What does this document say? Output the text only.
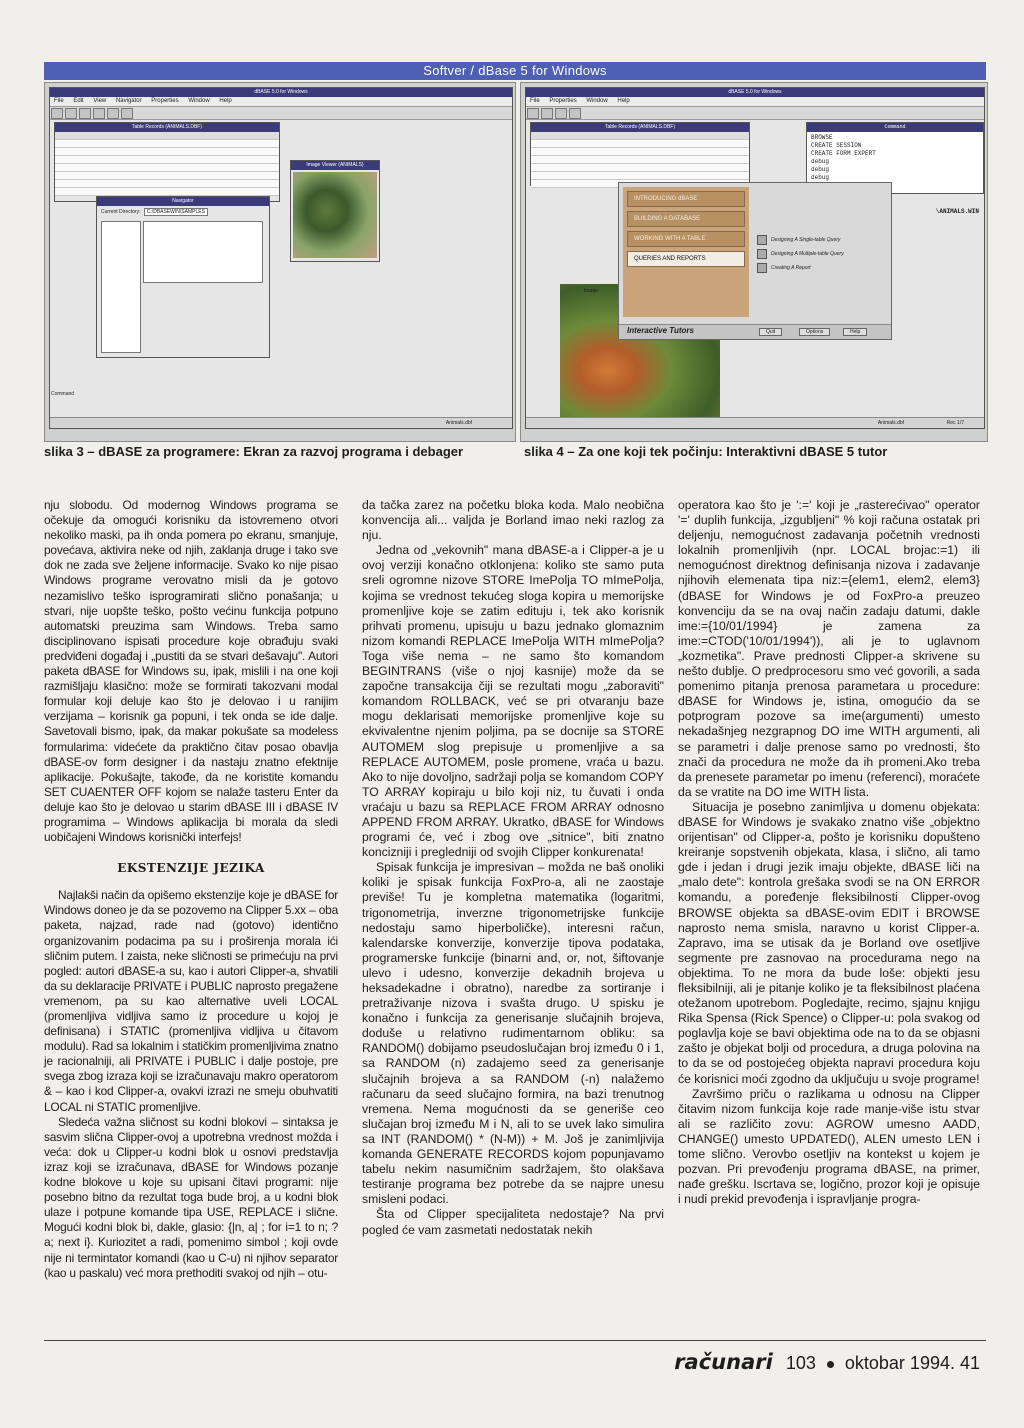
Softver / dBase 5 for Windows
dBASE 5.0 for Windows
File Edit View Navigator Properties Window Help
Table Records (ANIMALS.DBF)
Image Viewer (ANIMALS)
Navigator
Current Directory: C:\DBASEWIN\SAMPLES
Animals.dbf
Command
dBASE 5.0 for Windows
File Properties Window Help
Table Records (ANIMALS.DBF)	Command
BROWSE
CREATE SESSION
CREATE FORM EXPERT
debug
debug
debug
\ANIMALS.WIN
Image
INTRODUCING dBASE
BUILDING A DATABASE
WORKING WITH A TABLE
QUERIES AND REPORTS
Designing A Single-table Query
Designing A Multiple-table Query
Creating A Report
Interactive Tutors	Quit	Options	Help
Animals.dbf	Rec 1/7
slika 3 – dBASE za programere: Ekran za razvoj programa i debager	slika 4 – Za one koji tek počinju: Interaktivni dBASE 5 tutor

nju slobodu. Od modernog Windows programa se očekuje da omogući korisniku da istovremeno otvori nekoliko maski, pa ih onda pomera po ekranu, smanjuje, povećava, aktivira neke od njih, zaklanja druge i tako sve dok ne zada sve željene informacije. Svako ko nije pisao Windows programe verovatno misli da je gotovo nezamislivo teško isprogramirati slično ponašanja; u stvari, nije uopšte teško, pošto većinu funkcija potpuno automatski preuzima sam Windows. Treba samo disciplinovano ispisati procedure koje obrađuju svaki predviđeni događaj i „pustiti da se stvari dešavaju". Autori paketa dBASE for Windows su, ipak, mislili i na one koji razmišljaju klasično: može se formirati takozvani modal formular koji deluje kao što je delovao i u ranijim verzijama – korisnik ga popuni, i tek onda se ide dalje. Savetovali bismo, ipak, da makar pokušate sa modeless formularima: videćete da praktično čitav posao obavlja dBASE-ov form designer i da nastaju znatno efektnije aplikacije. Pokušajte, takođe, da ne koristite komandu SET CUAENTER OFF kojom se nalaže tasteru Enter da deluje kao što je delovao u starim dBASE III i dBASE IV programima – Windows aplikacija bi morala da sledi uobičajeni Windows korisnički interfejs!

EKSTENZIJE JEZIKA

Najlakši način da opišemo ekstenzije koje je dBASE for Windows doneo je da se pozovemo na Clipper 5.xx – oba paketa, najzad, rade nad (gotovo) identično organizovanim podacima pa su i proširenja morala ići sličnim putem. I zaista, neke sličnosti se primećuju na prvi pogled: autori dBASE-a su, kao i autori Clipper-a, shvatili da su deklaracije PRIVATE i PUBLIC naprosto pregažene vremenom, pa su kao alternative uveli LOCAL (promenljiva vidljiva samo iz procedure u kojoj je definisana) i STATIC (promenljiva vidljiva u čitavom modulu). Rad sa lokalnim i statičkim promenljivima znatno je racionalniji, ali PRIVATE i PUBLIC i dalje postoje, pre svega zbog izraza koji se izračunavaju makro operatorom & – kao i kod Clipper-a, ovakvi izrazi ne smeju obuhvatiti LOCAL ni STATIC promenljive.

Sledeća važna sličnost su kodni blokovi – sintaksa je sasvim slična Clipper-ovoj a upotrebna vrednost možda i veća: dok u Clipper-u kodni blok u osnovi predstavlja izraz koji se izračunava, dBASE for Windows pozanje kodne blokove u koje su upisani čitavi programi: nije posebno bitno da rezultat toga bude broj, a u kodni blok ulaze i potpune komande tipa USE, REPLACE i slične. Mogući kodni blok bi, dakle, glasio: {|n, a| ; for i=1 to n; ? a; next i}. Kuriozitet a radi, pomenimo simbol ; koji ovde nije ni termintator komandi (kao u C-u) ni njihov separator (kao u paskalu) već mora prethoditi svakoj od njih – otu-

da tačka zarez na početku bloka koda. Malo neobična konvencija ali... valjda je Borland imao neki razlog za nju.

Jedna od „vekovnih" mana dBASE-a i Clipper-a je u ovoj verziji konačno otklonjena: koliko ste samo puta sreli ogromne nizove STORE ImePolja TO mImePolja, kojima se vrednost tekućeg sloga kopira u memorijske promenljive koje se zatim edituju i, tek ako korisnik prihvati promenu, upisuju u bazu jednako glomaznim nizom komandi REPLACE ImePolja WITH mImePolja? Toga više nema – ne samo što komandom BEGINTRANS (više o njoj kasnije) može da se započne transakcija čiji se rezultati mogu „zaboraviti" komandom ROLLBACK, već se pri otvaranju baze mogu deklarisati memorijske promenljive koje su ekvivalentne njenim poljima, pa se docnije sa STORE AUTOMEM slog prepisuje u promenljive a sa REPLACE AUTOMEM, posle promene, vraća u bazu. Ako to nije dovoljno, sadržaji polja se komandom COPY TO ARRAY kopiraju u bilo koji niz, tu čuvati i onda vraćaju u bazu sa REPLACE FROM ARRAY odnosno APPEND FROM ARRAY. Ukratko, dBASE for Windows programi će, već i zbog ove „sitnice", biti znatno koncizniji i pregledniji od svojih Clipper konkurenata!

Spisak funkcija je impresivan – možda ne baš onoliki koliki je spisak funkcija FoxPro-a, ali ne zaostaje previše! Tu je kompletna matematika (logaritmi, trigonometrija, inverzne trigonometrijske funkcije nedostaju samo hiperboličke), interesni račun, kalendarske konverzije, konverzije tipova podataka, programerske funkcije (binarni and, or, not, šiftovanje ulevo i udesno, konverzije dekadnih brojeva u heksadekadne i obratno), naredbe za sortiranje i pretraživanje nizova i svašta drugo. U spisku je konačno i funkcija za generisanje slučajnih brojeva, doduše u relativno rudimentarnom obliku: sa RANDOM() dobijamo pseudoslučajan broj između 0 i 1, sa RANDOM (n) zadajemo seed za generisanje slučajnih brojeva a sa RANDOM (-n) nalažemo računaru da seed slučajno formira, na bazi trenutnog vremena. Nema mogućnosti da se generiše ceo slučajan broj između M i N, ali to se uvek lako simulira sa INT (RANDOM() * (N-M)) + M. Još je zanimljivija komanda GENERATE RECORDS kojom popunjavamo tabelu nekim nasumičnim sadržajem, što olakšava testiranje programa bez potrebe da se najpre unesu smisleni podaci.

Šta od Clipper specijaliteta nedostaje? Na prvi pogled će vam zasmetati nedostatak nekih

operatora kao što je ':=' koji je „rasterećivao" operator '=' duplih funkcija, „izgubljeni" % koji računa ostatak pri deljenju, nemogućnost zadavanja početnih vrednosti lokalnih promenljivih (npr. LOCAL brojac:=1) ili nemogućnost direktnog definisanja nizova i zadavanje njihovih elemenata tipa niz:={elem1, elem2, elem3} (dBASE for Windows je od FoxPro-a preuzeo konvenciju da se na ovaj način zadaju datumi, dakle ime:={10/01/1994} je zamena za ime:=CTOD('10/01/1994')), ali je to uglavnom „kozmetika". Prave prednosti Clipper-a skrivene su nešto dublje. O predprocesoru smo već govorili, a sada pomenimo pitanja prenosa parametara u procedure: dBASE for Windows je, istina, omogućio da se potprogram pozove sa ime(argumenti) umesto nekadašnjeg nezgrapnog DO ime WITH argumenti, ali se parametri i dalje prenose samo po vrednosti, što znači da procedura ne može da ih promeni.Ako treba da prenesete parametar po imenu (referenci), moraćete da se vratite na DO ime WITH lista.

Situacija je posebno zanimljiva u domenu objekata: dBASE for Windows je svakako znatno više „objektno orijentisan" od Clipper-a, pošto je korisniku dopušteno kreiranje sopstvenih objekata, klasa, i slično, ali tamo gde i jedan i drugi jezik imaju objekte, dBASE liči na „malo dete": kontrola grešaka svodi se na ON ERROR komandu, a poređenje fleksibilnosti Clipper-ovog BROWSE objekta sa dBASE-ovim EDIT i BROWSE naprosto nema smisla, naravno u korist Clipper-a. Zapravo, ima se utisak da je Borland ove osetljive segmente pre zasnovao na procedurama nego na objektima. To ne mora da bude loše: objekti jesu fleksibilniji, ali je pitanje koliko je ta fleksibilnost plaćena otežanom upotrebom. Pogledajte, recimo, sjajnu knjigu Rika Spensa (Rick Spence) o Clipper-u: pola svakog od poglavlja koje se bavi objektima ode na to da se objasni zašto je objekat bolji od procedura, a druga polovina na to da se od postojećeg objekta napravi procedura koju će korisnici moći zgodno da uključuju u svoje programe!

Završimo priču o razlikama u odnosu na Clipper čitavim nizom funkcija koje rade manje-više istu stvar ali se različito zovu: AGROW umesno AADD, CHANGE() umesto UPDATED(), ALEN umesto LEN i tome slično. Verovbo osetljiv na kontekst u kojem je pozvan. Pri prevođenju programa dBASE, na primer, nađe grešku. Iscrtava se, logično, prozor koji je opisuje i nudi prekid prevođenja i ispravljanje progra-

računari 103 oktobar 1994. 41
